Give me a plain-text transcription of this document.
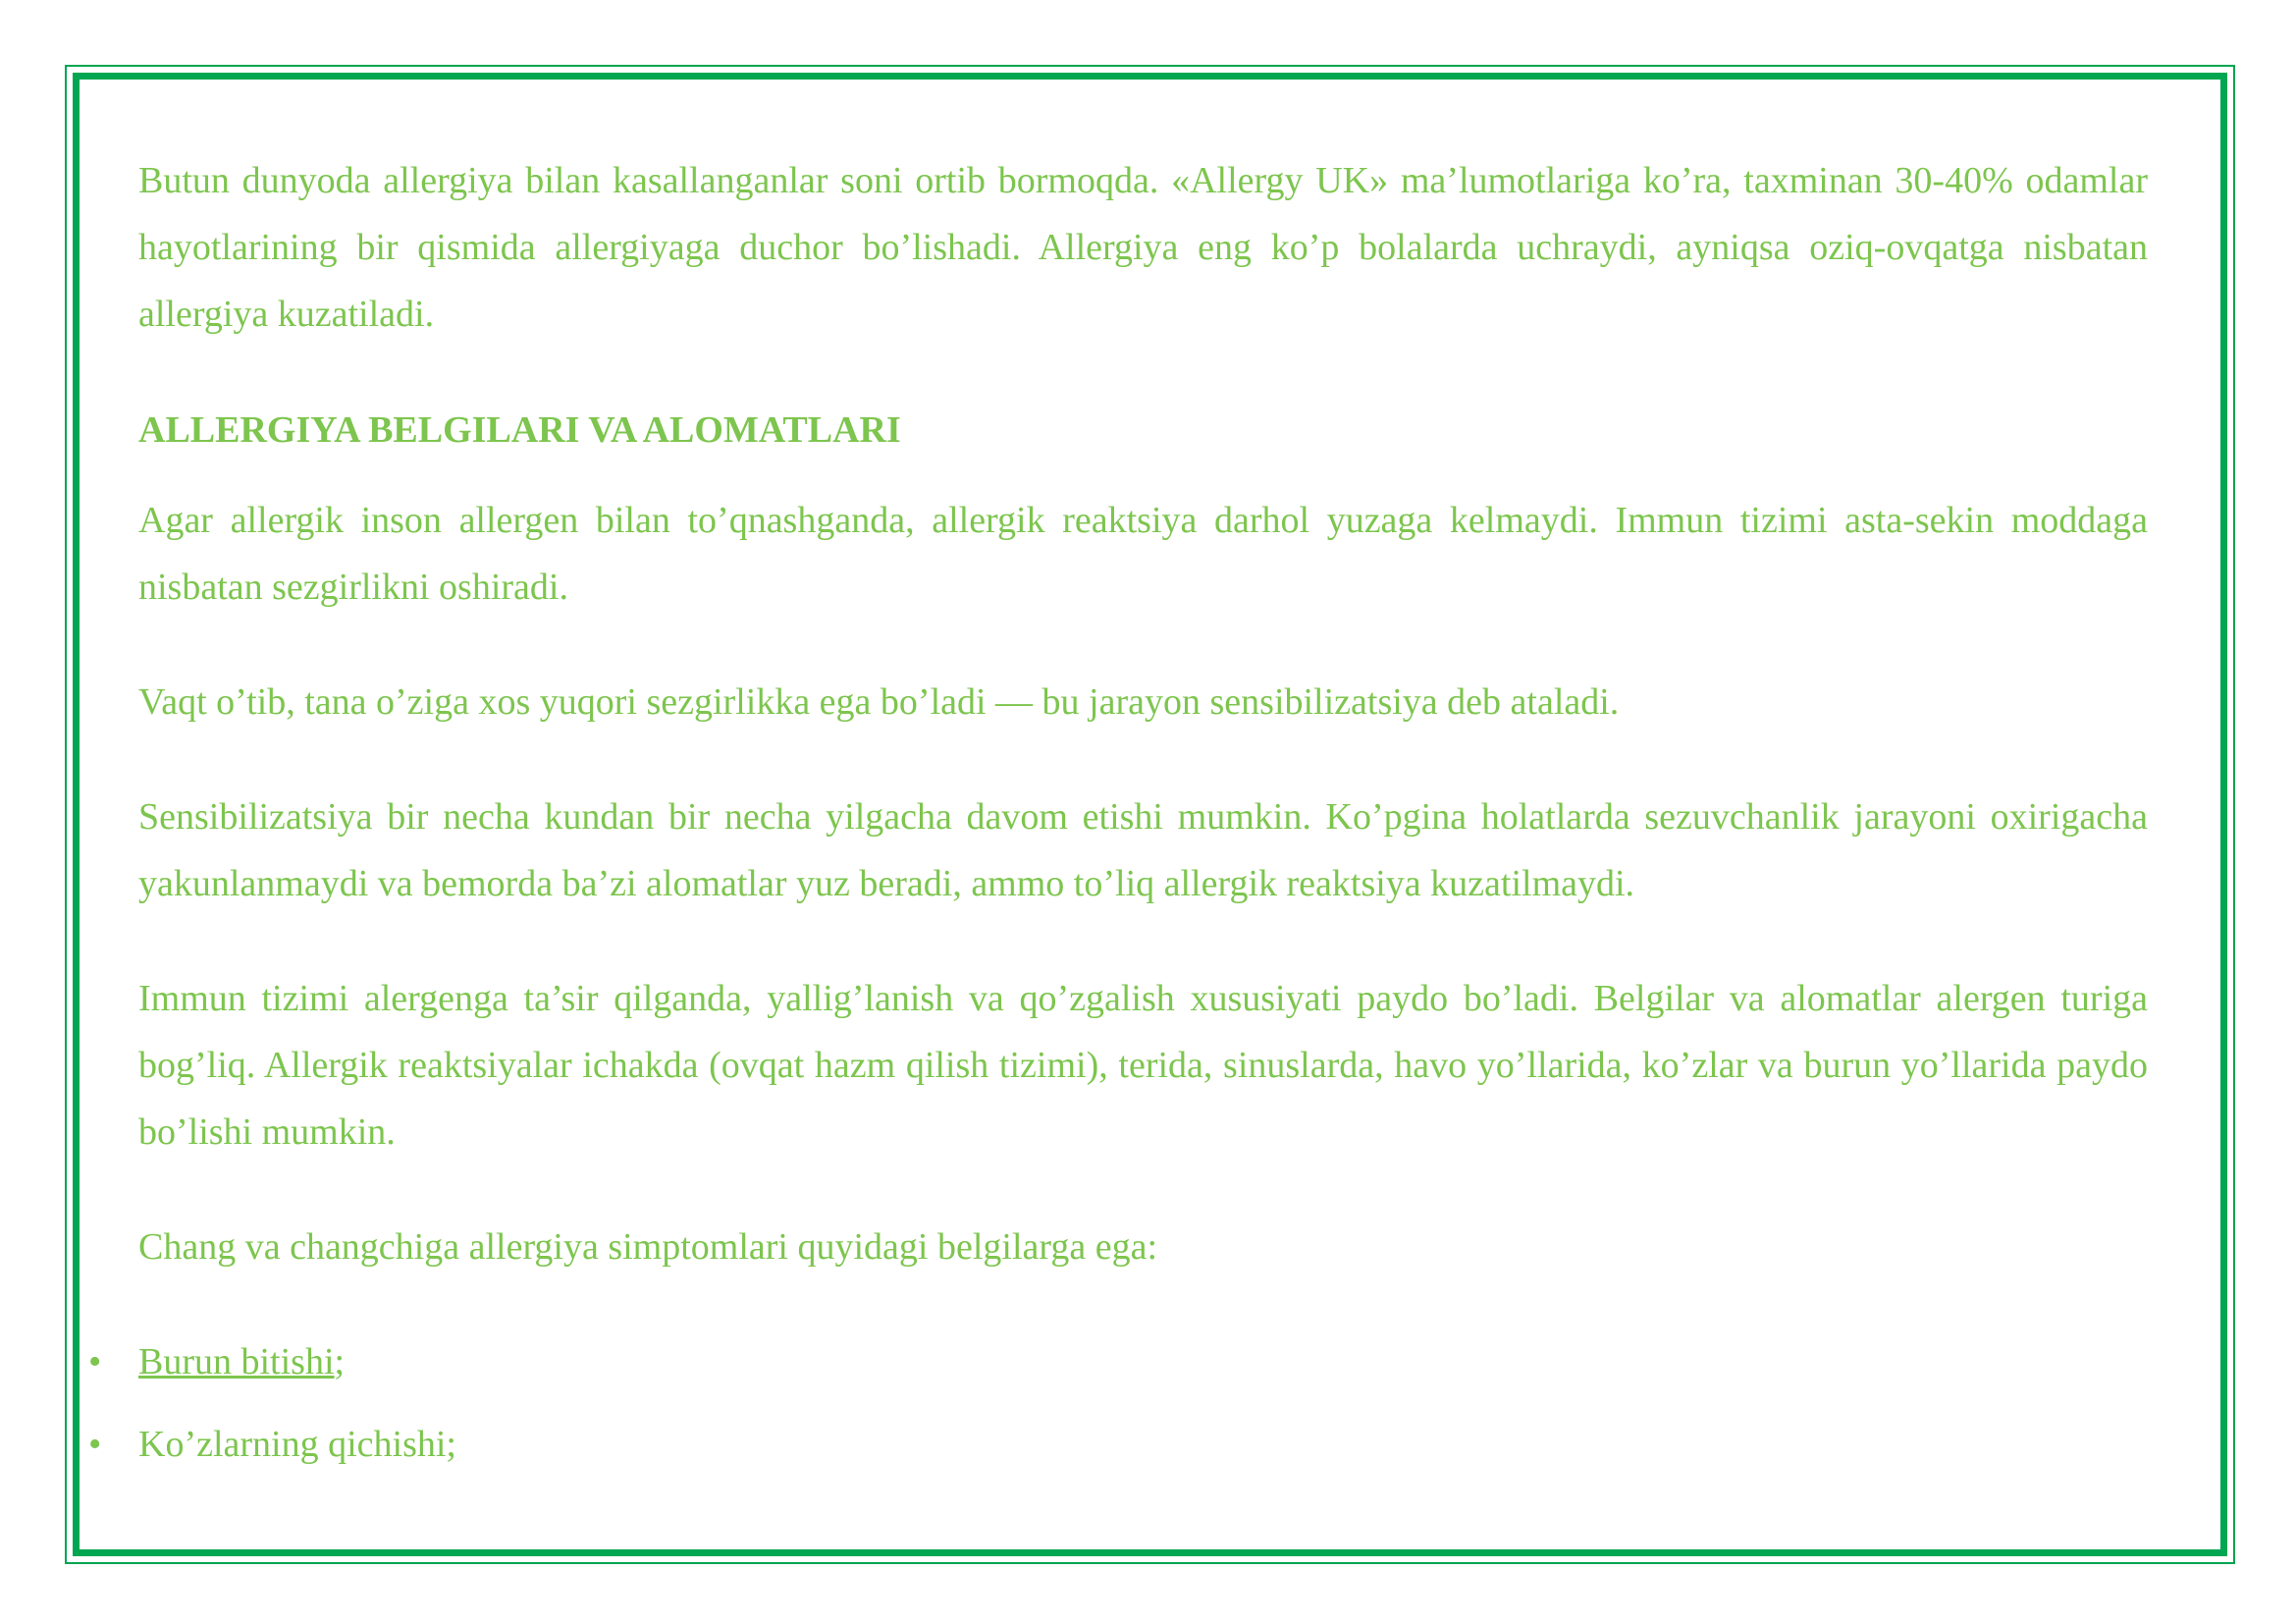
Butun dunyoda allergiya bilan kasallanganlar soni ortib bormoqda. «Allergy UK» ma’lumotlariga ko’ra, taxminan 30-40% odamlar hayotlarining bir qismida allergiyaga duchor bo’lishadi. Allergiya eng ko’p bolalarda uchraydi, ayniqsa oziq-ovqatga nisbatan allergiya kuzatiladi.

ALLERGIYA BELGILARI VA ALOMATLARI

Agar allergik inson allergen bilan to’qnashganda, allergik reaktsiya darhol yuzaga kelmaydi. Immun tizimi asta-sekin moddaga nisbatan sezgirlikni oshiradi.

Vaqt o’tib, tana o’ziga xos yuqori sezgirlikka ega bo’ladi — bu jarayon sensibilizatsiya deb ataladi.

Sensibilizatsiya bir necha kundan bir necha yilgacha davom etishi mumkin. Ko’pgina holatlarda sezuvchanlik jarayoni oxirigacha yakunlanmaydi va bemorda ba’zi alomatlar yuz beradi, ammo to’liq allergik reaktsiya kuzatilmaydi.

Immun tizimi alergenga ta’sir qilganda, yallig’lanish va qo’zgalish xususiyati paydo bo’ladi. Belgilar va alomatlar alergen turiga bog’liq. Allergik reaktsiyalar ichakda (ovqat hazm qilish tizimi), terida, sinuslarda, havo yo’llarida, ko’zlar va burun yo’llarida paydo bo’lishi mumkin.

Chang va changchiga allergiya simptomlari quyidagi belgilarga ega:

• Burun bitishi;
• Ko’zlarning qichishi;
